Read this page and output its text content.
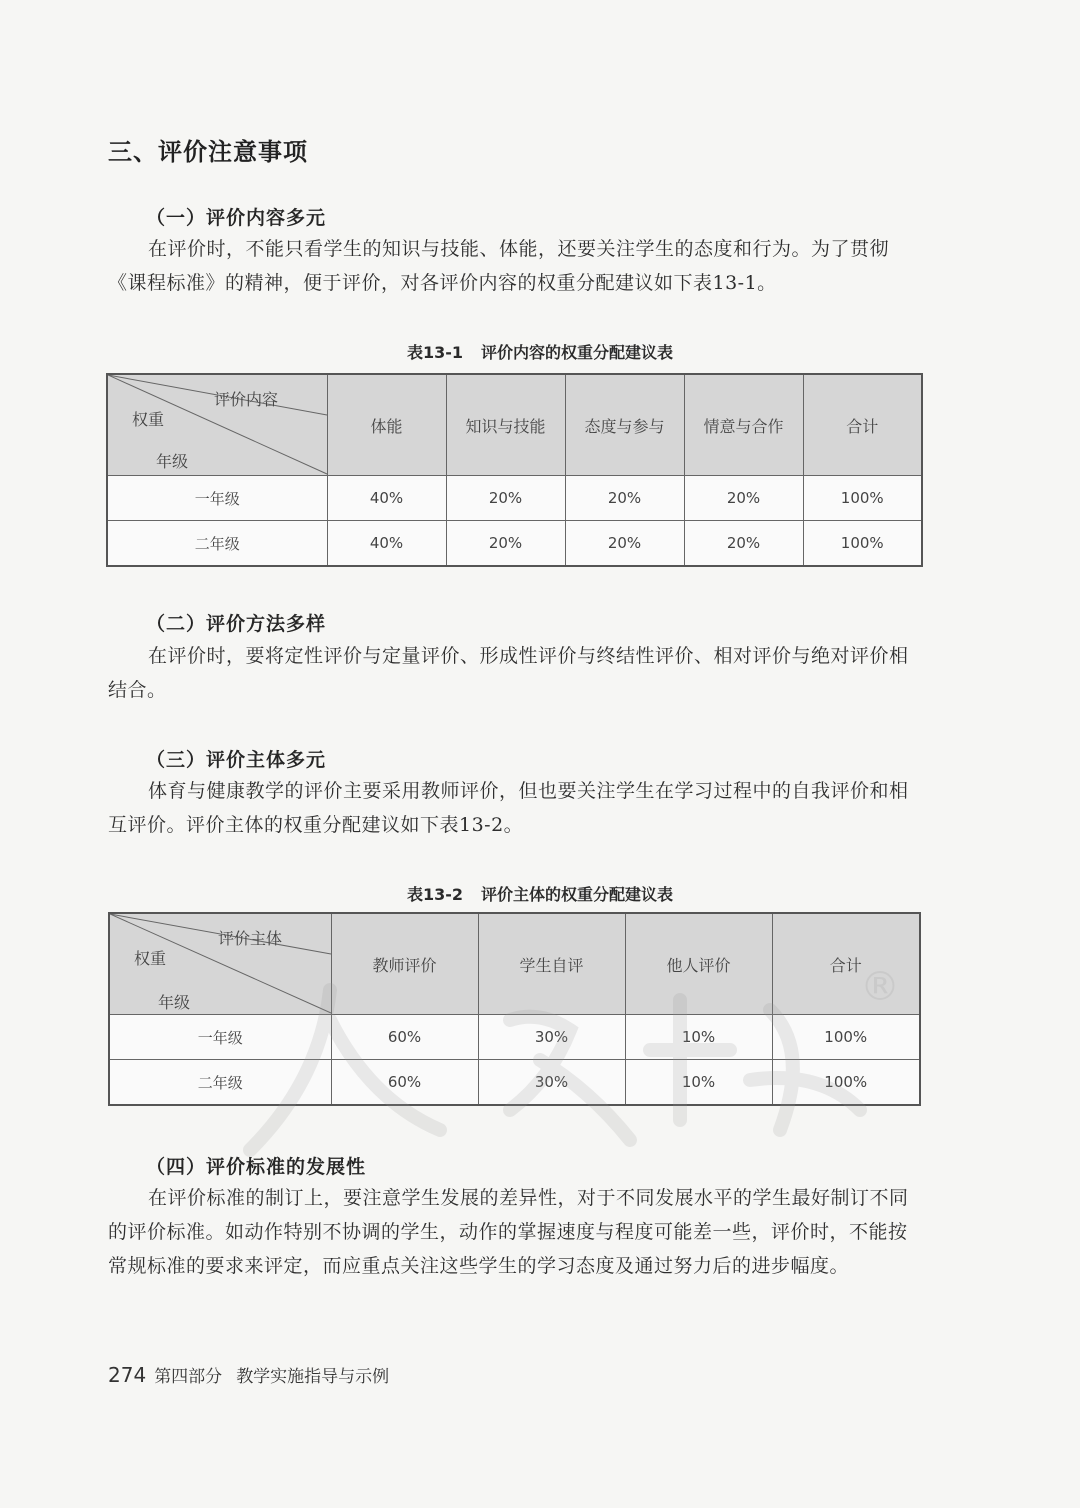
三、评价注意事项
（一）评价内容多元
在评价时，不能只看学生的知识与技能、体能，还要关注学生的态度和行为。为了贯彻《课程标准》的精神，便于评价，对各评价内容的权重分配建议如下表13-1。
表13-1 评价内容的权重分配建议表
评价内容
权重
年级	体能	知识与技能	态度与参与	情意与合作	合计
一年级	40%	20%	20%	20%	100%
二年级	40%	20%	20%	20%	100%
（二）评价方法多样
在评价时，要将定性评价与定量评价、形成性评价与终结性评价、相对评价与绝对评价相结合。
（三）评价主体多元
体育与健康教学的评价主要采用教师评价，但也要关注学生在学习过程中的自我评价和相互评价。评价主体的权重分配建议如下表13-2。
表13-2 评价主体的权重分配建议表
评价主体
权重
年级	教师评价	学生自评	他人评价	合计
一年级	60%	30%	10%	100%
二年级	60%	30%	10%	100%
（四）评价标准的发展性
在评价标准的制订上，要注意学生发展的差异性，对于不同发展水平的学生最好制订不同的评价标准。如动作特别不协调的学生，动作的掌握速度与程度可能差一些，评价时，不能按常规标准的要求来评定，而应重点关注这些学生的学习态度及通过努力后的进步幅度。
274 第四部分 教学实施指导与示例
